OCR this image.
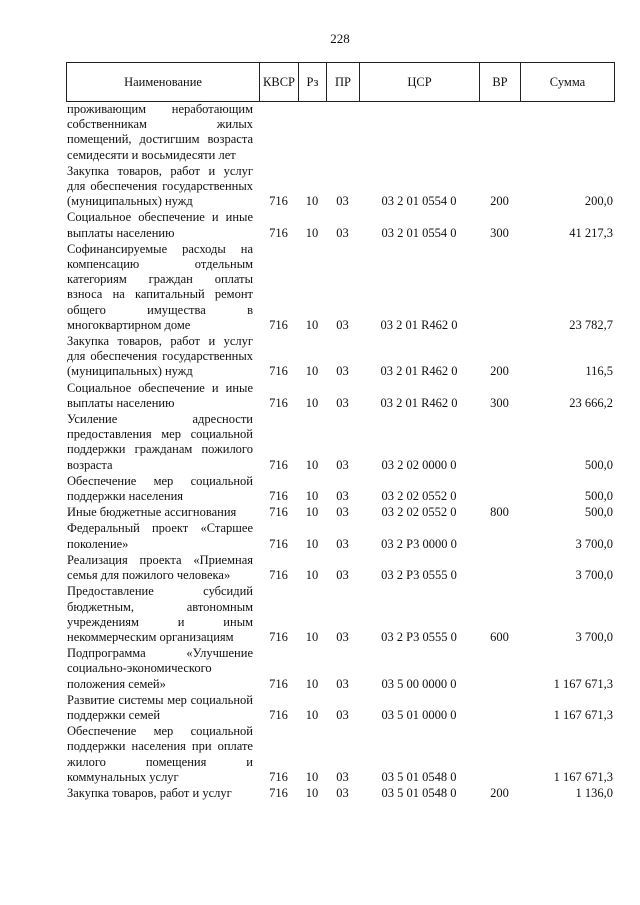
228
Наименование	КВСР	Рз	ПР	ЦСР	ВР	Сумма
проживающим неработающим собственникам жилых помещений, достигшим возраста семидесяти и восьмидесяти лет						
Закупка товаров, работ и услуг для обеспечения государственных (муниципальных) нужд	716	10	03	03 2 01 0554 0	200	200,0
Социальное обеспечение и иные выплаты населению	716	10	03	03 2 01 0554 0	300	41 217,3
Софинансируемые расходы на компенсацию отдельным категориям граждан оплаты взноса на капитальный ремонт общего имущества в многоквартирном доме	716	10	03	03 2 01 R462 0		23 782,7
Закупка товаров, работ и услуг для обеспечения государственных (муниципальных) нужд	716	10	03	03 2 01 R462 0	200	116,5
Социальное обеспечение и иные выплаты населению	716	10	03	03 2 01 R462 0	300	23 666,2
Усиление адресности предоставления мер социальной поддержки гражданам пожилого возраста	716	10	03	03 2 02 0000 0		500,0
Обеспечение мер социальной поддержки населения	716	10	03	03 2 02 0552 0		500,0
Иные бюджетные ассигнования	716	10	03	03 2 02 0552 0	800	500,0
Федеральный проект «Старшее поколение»	716	10	03	03 2 P3 0000 0		3 700,0
Реализация проекта «Приемная семья для пожилого человека»	716	10	03	03 2 P3 0555 0		3 700,0
Предоставление субсидий бюджетным, автономным учреждениям и иным некоммерческим организациям	716	10	03	03 2 P3 0555 0	600	3 700,0
Подпрограмма «Улучшение социально-экономического положения семей»	716	10	03	03 5 00 0000 0		1 167 671,3
Развитие системы мер социальной поддержки семей	716	10	03	03 5 01 0000 0		1 167 671,3
Обеспечение мер социальной поддержки населения при оплате жилого помещения и коммунальных услуг	716	10	03	03 5 01 0548 0		1 167 671,3
Закупка товаров, работ и услуг	716	10	03	03 5 01 0548 0	200	1 136,0
